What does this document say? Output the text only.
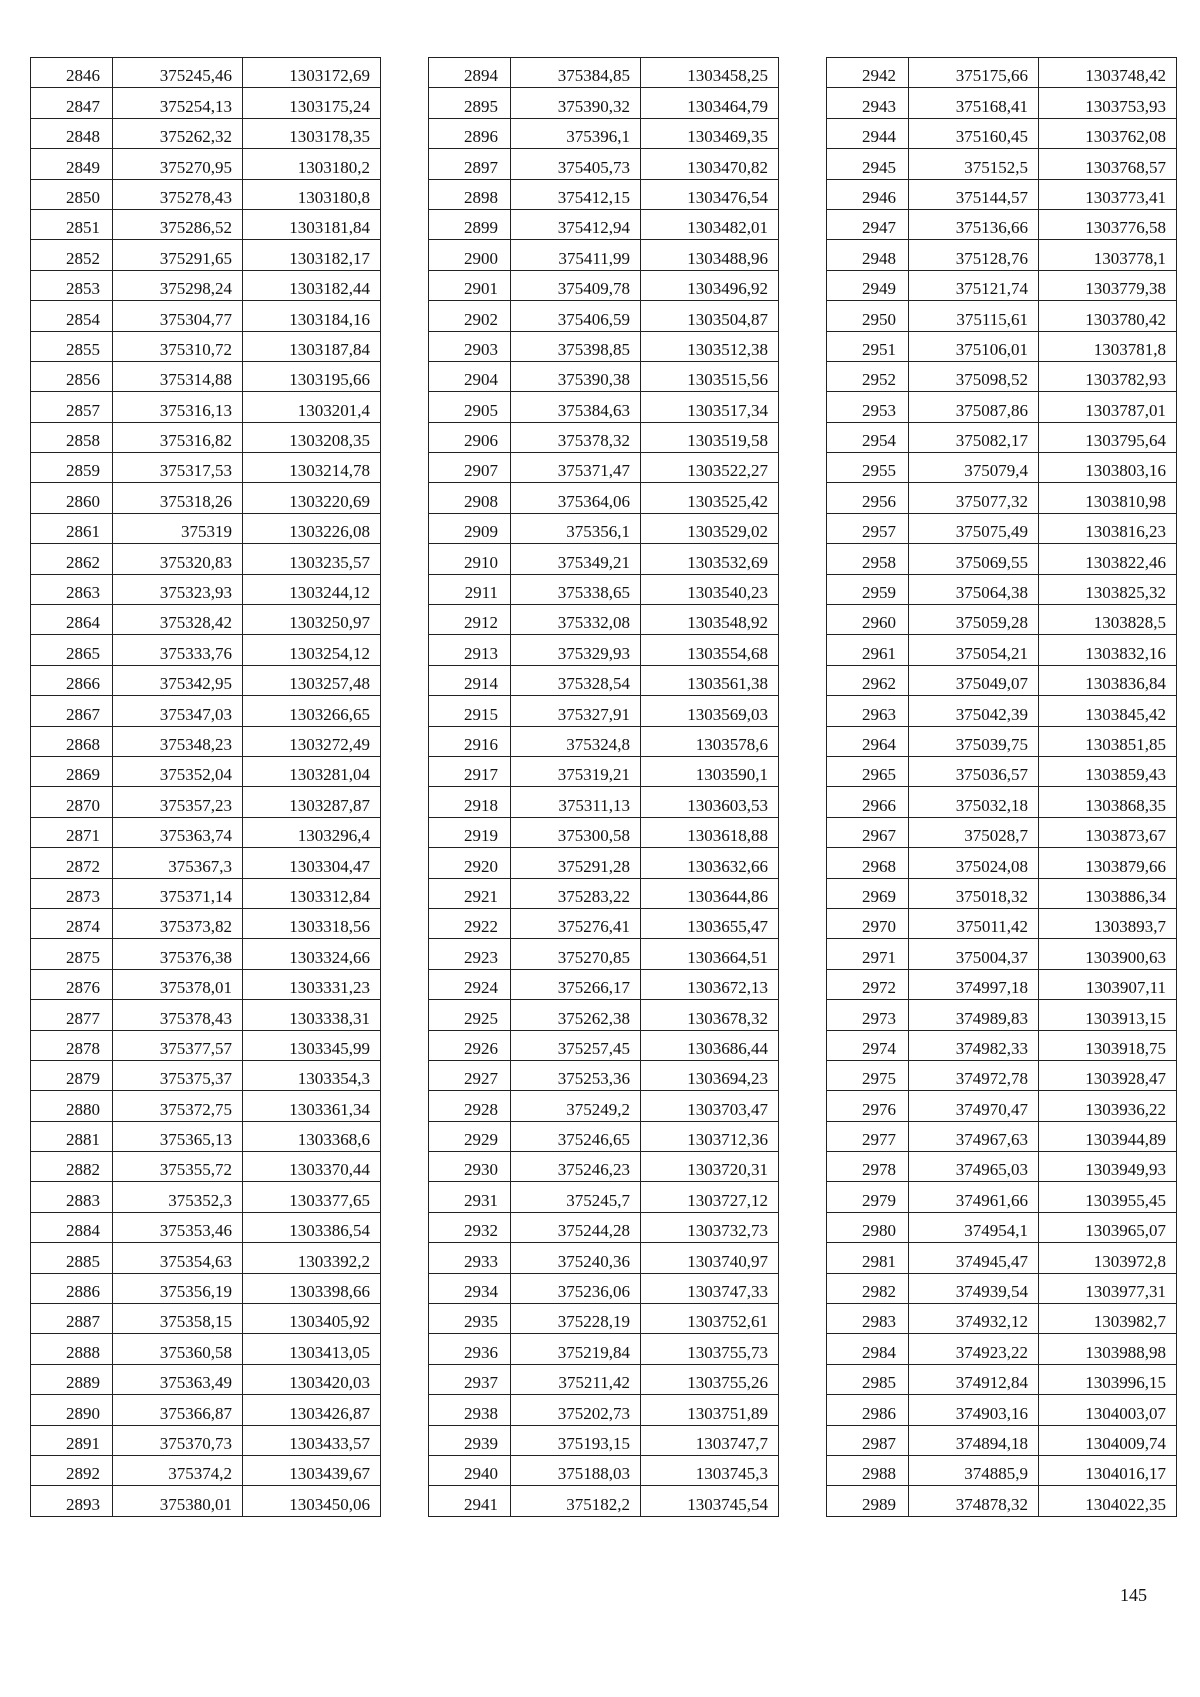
2846	375245,46	1303172,69
2847	375254,13	1303175,24
2848	375262,32	1303178,35
2849	375270,95	1303180,2
2850	375278,43	1303180,8
2851	375286,52	1303181,84
2852	375291,65	1303182,17
2853	375298,24	1303182,44
2854	375304,77	1303184,16
2855	375310,72	1303187,84
2856	375314,88	1303195,66
2857	375316,13	1303201,4
2858	375316,82	1303208,35
2859	375317,53	1303214,78
2860	375318,26	1303220,69
2861	375319	1303226,08
2862	375320,83	1303235,57
2863	375323,93	1303244,12
2864	375328,42	1303250,97
2865	375333,76	1303254,12
2866	375342,95	1303257,48
2867	375347,03	1303266,65
2868	375348,23	1303272,49
2869	375352,04	1303281,04
2870	375357,23	1303287,87
2871	375363,74	1303296,4
2872	375367,3	1303304,47
2873	375371,14	1303312,84
2874	375373,82	1303318,56
2875	375376,38	1303324,66
2876	375378,01	1303331,23
2877	375378,43	1303338,31
2878	375377,57	1303345,99
2879	375375,37	1303354,3
2880	375372,75	1303361,34
2881	375365,13	1303368,6
2882	375355,72	1303370,44
2883	375352,3	1303377,65
2884	375353,46	1303386,54
2885	375354,63	1303392,2
2886	375356,19	1303398,66
2887	375358,15	1303405,92
2888	375360,58	1303413,05
2889	375363,49	1303420,03
2890	375366,87	1303426,87
2891	375370,73	1303433,57
2892	375374,2	1303439,67
2893	375380,01	1303450,06
2894	375384,85	1303458,25
2895	375390,32	1303464,79
2896	375396,1	1303469,35
2897	375405,73	1303470,82
2898	375412,15	1303476,54
2899	375412,94	1303482,01
2900	375411,99	1303488,96
2901	375409,78	1303496,92
2902	375406,59	1303504,87
2903	375398,85	1303512,38
2904	375390,38	1303515,56
2905	375384,63	1303517,34
2906	375378,32	1303519,58
2907	375371,47	1303522,27
2908	375364,06	1303525,42
2909	375356,1	1303529,02
2910	375349,21	1303532,69
2911	375338,65	1303540,23
2912	375332,08	1303548,92
2913	375329,93	1303554,68
2914	375328,54	1303561,38
2915	375327,91	1303569,03
2916	375324,8	1303578,6
2917	375319,21	1303590,1
2918	375311,13	1303603,53
2919	375300,58	1303618,88
2920	375291,28	1303632,66
2921	375283,22	1303644,86
2922	375276,41	1303655,47
2923	375270,85	1303664,51
2924	375266,17	1303672,13
2925	375262,38	1303678,32
2926	375257,45	1303686,44
2927	375253,36	1303694,23
2928	375249,2	1303703,47
2929	375246,65	1303712,36
2930	375246,23	1303720,31
2931	375245,7	1303727,12
2932	375244,28	1303732,73
2933	375240,36	1303740,97
2934	375236,06	1303747,33
2935	375228,19	1303752,61
2936	375219,84	1303755,73
2937	375211,42	1303755,26
2938	375202,73	1303751,89
2939	375193,15	1303747,7
2940	375188,03	1303745,3
2941	375182,2	1303745,54
2942	375175,66	1303748,42
2943	375168,41	1303753,93
2944	375160,45	1303762,08
2945	375152,5	1303768,57
2946	375144,57	1303773,41
2947	375136,66	1303776,58
2948	375128,76	1303778,1
2949	375121,74	1303779,38
2950	375115,61	1303780,42
2951	375106,01	1303781,8
2952	375098,52	1303782,93
2953	375087,86	1303787,01
2954	375082,17	1303795,64
2955	375079,4	1303803,16
2956	375077,32	1303810,98
2957	375075,49	1303816,23
2958	375069,55	1303822,46
2959	375064,38	1303825,32
2960	375059,28	1303828,5
2961	375054,21	1303832,16
2962	375049,07	1303836,84
2963	375042,39	1303845,42
2964	375039,75	1303851,85
2965	375036,57	1303859,43
2966	375032,18	1303868,35
2967	375028,7	1303873,67
2968	375024,08	1303879,66
2969	375018,32	1303886,34
2970	375011,42	1303893,7
2971	375004,37	1303900,63
2972	374997,18	1303907,11
2973	374989,83	1303913,15
2974	374982,33	1303918,75
2975	374972,78	1303928,47
2976	374970,47	1303936,22
2977	374967,63	1303944,89
2978	374965,03	1303949,93
2979	374961,66	1303955,45
2980	374954,1	1303965,07
2981	374945,47	1303972,8
2982	374939,54	1303977,31
2983	374932,12	1303982,7
2984	374923,22	1303988,98
2985	374912,84	1303996,15
2986	374903,16	1304003,07
2987	374894,18	1304009,74
2988	374885,9	1304016,17
2989	374878,32	1304022,35
145
